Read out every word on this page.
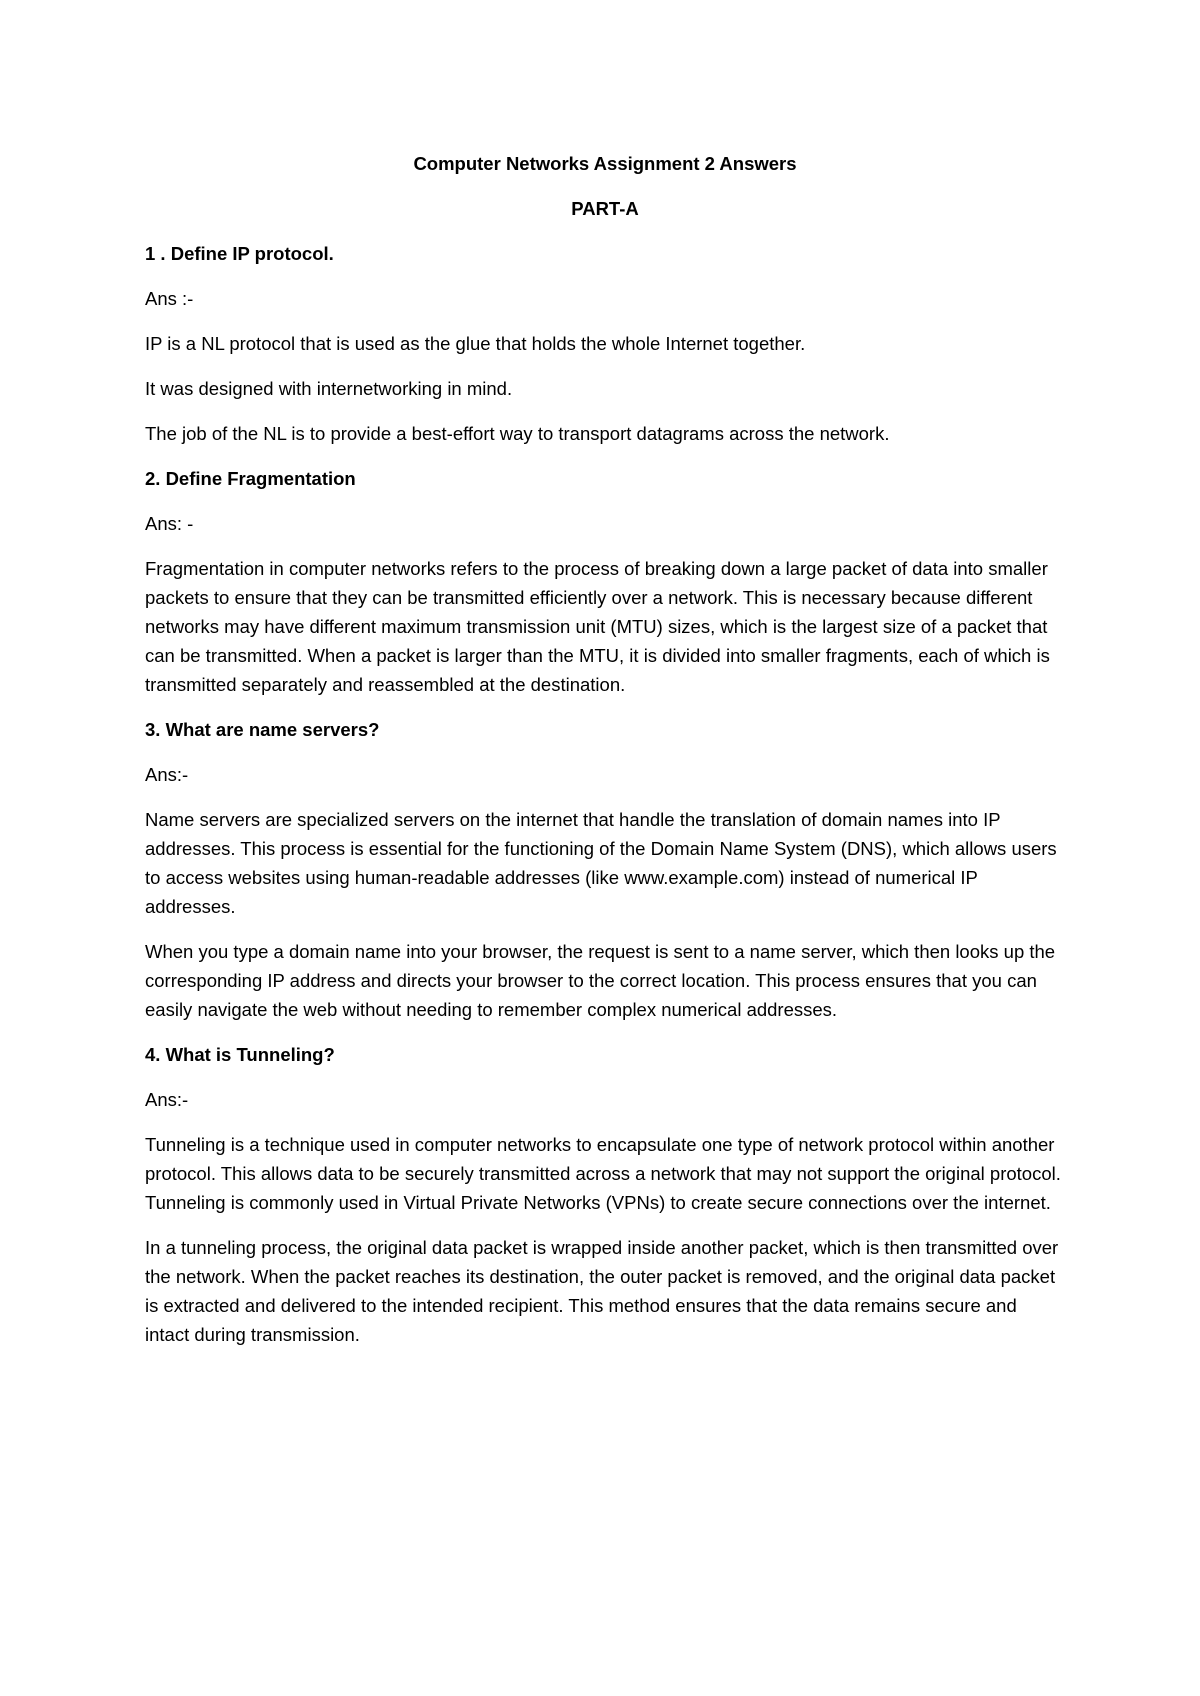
Computer Networks Assignment 2 Answers

PART-A

1 . Define IP protocol.

Ans :-

IP is a NL protocol that is used as the glue that holds the whole Internet together.

It was designed with internetworking in mind.

The job of the NL is to provide a best-effort way to transport datagrams across the network.

2. Define Fragmentation

Ans: -

Fragmentation in computer networks refers to the process of breaking down a large packet of data into smaller packets to ensure that they can be transmitted efficiently over a network. This is necessary because different networks may have different maximum transmission unit (MTU) sizes, which is the largest size of a packet that can be transmitted. When a packet is larger than the MTU, it is divided into smaller fragments, each of which is transmitted separately and reassembled at the destination.

3. What are name servers?

Ans:-

Name servers are specialized servers on the internet that handle the translation of domain names into IP addresses. This process is essential for the functioning of the Domain Name System (DNS), which allows users to access websites using human-readable addresses (like www.example.com) instead of numerical IP addresses.

When you type a domain name into your browser, the request is sent to a name server, which then looks up the corresponding IP address and directs your browser to the correct location. This process ensures that you can easily navigate the web without needing to remember complex numerical addresses.

4. What is Tunneling?

Ans:-

Tunneling is a technique used in computer networks to encapsulate one type of network protocol within another protocol. This allows data to be securely transmitted across a network that may not support the original protocol. Tunneling is commonly used in Virtual Private Networks (VPNs) to create secure connections over the internet.

In a tunneling process, the original data packet is wrapped inside another packet, which is then transmitted over the network. When the packet reaches its destination, the outer packet is removed, and the original data packet is extracted and delivered to the intended recipient. This method ensures that the data remains secure and intact during transmission.
